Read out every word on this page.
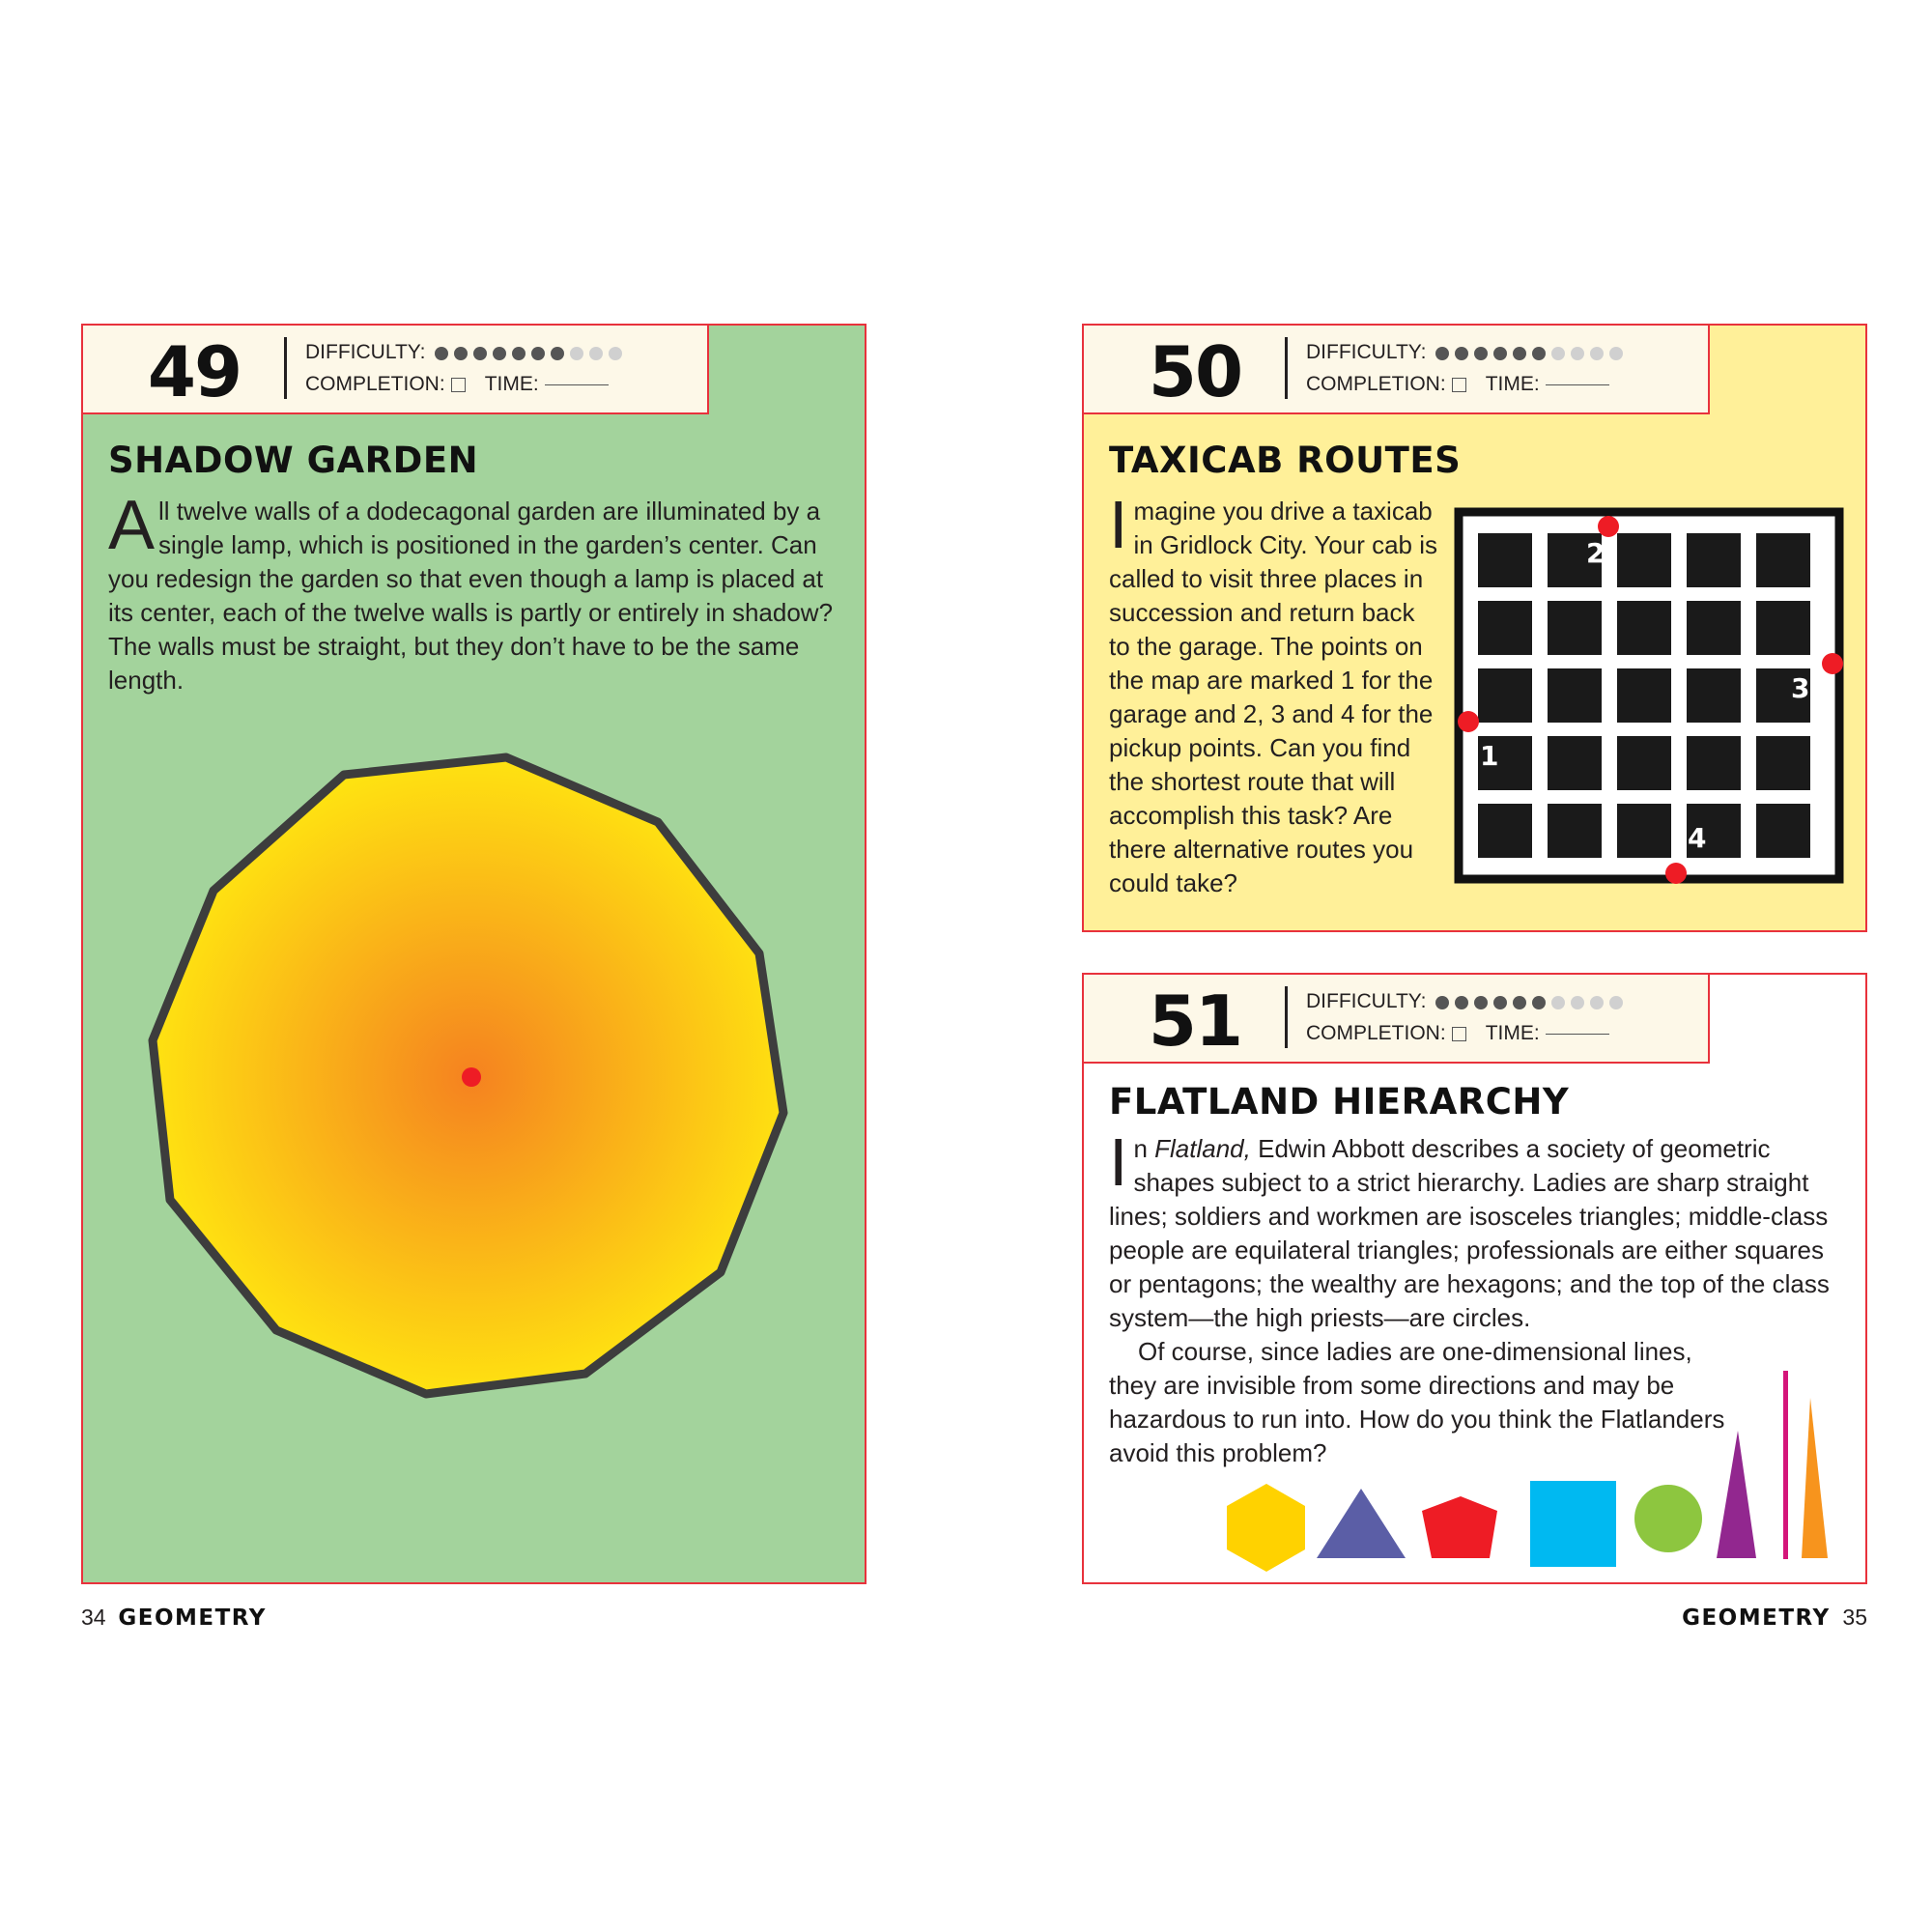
49	DIFFICULTY:
COMPLETION: TIME:
SHADOW GARDEN
All twelve walls of a dodecagonal garden are illuminated by a single lamp, which is positioned in the garden’s center. Can you redesign the garden so that even though a lamp is placed at its center, each of the twelve walls is partly or entirely in shadow? The walls must be straight, but they don’t have to be the same length.
34 GEOMETRY
50	DIFFICULTY:
COMPLETION: TIME:
TAXICAB ROUTES
Imagine you drive a taxicab in Gridlock City. Your cab is called to visit three places in succession and return back to the garage. The points on the map are marked 1 for the garage and 2, 3 and 4 for the pickup points. Can you find the shortest route that will accomplish this task? Are there alternative routes you could take?
1
2
3
4
51	DIFFICULTY:
COMPLETION: TIME:
FLATLAND HIERARCHY
In Flatland, Edwin Abbott describes a society of geometric shapes subject to a strict hierarchy. Ladies are sharp straight lines; soldiers and workmen are isosceles triangles; middle-class people are equilateral triangles; professionals are either squares or pentagons; the wealthy are hexagons; and the top of the class system—the high priests—are circles.
Of course, since ladies are one-dimensional lines, they are invisible from some directions and may be hazardous to run into. How do you think the Flatlanders avoid this problem?
GEOMETRY 35
